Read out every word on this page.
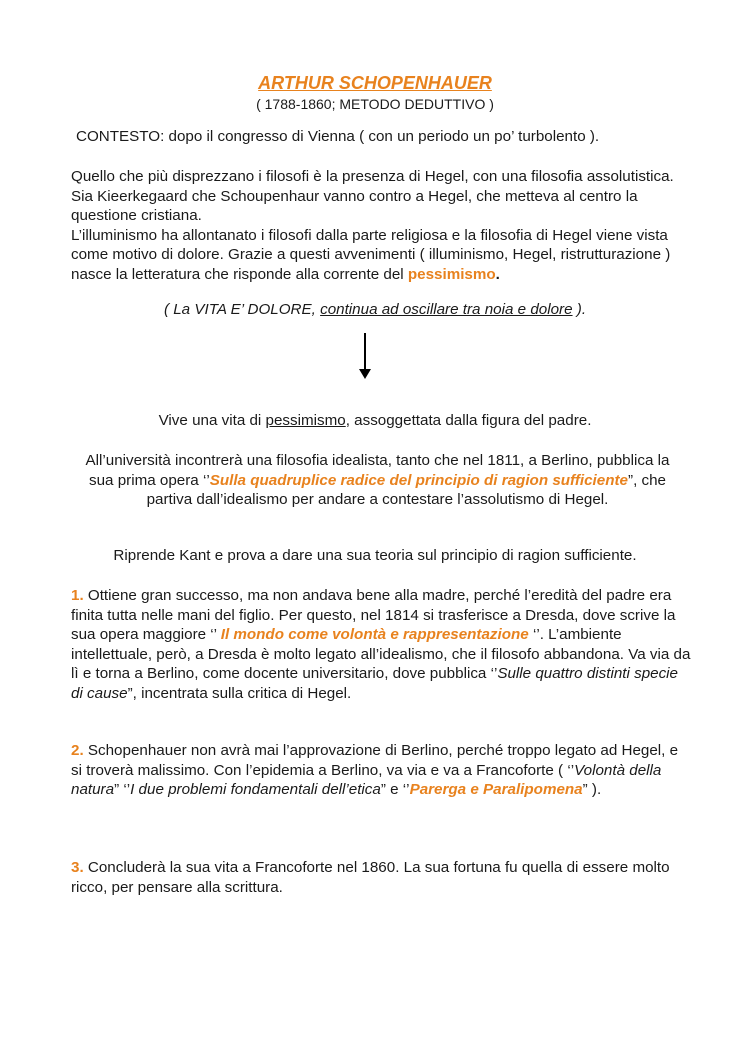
ARTHUR SCHOPENHAUER
( 1788-1860; METODO DEDUTTIVO )
CONTESTO: dopo il congresso di Vienna ( con un periodo un po’ turbolento ).
Quello che più disprezzano i filosofi è la presenza di Hegel, con una filosofia assolutistica. Sia Kieerkegaard che Schoupenhaur vanno contro a Hegel, che metteva al centro la questione cristiana.
L’illuminismo ha allontanato i filosofi dalla parte religiosa e la filosofia di Hegel viene vista come motivo di dolore. Grazie a questi avvenimenti ( illuminismo, Hegel, ristrutturazione ) nasce la letteratura che risponde alla corrente del pessimismo.
( La VITA E’ DOLORE, continua ad oscillare tra noia e dolore ).
Vive una vita di pessimismo, assoggettata dalla figura del padre.
All’università incontrerà una filosofia idealista, tanto che nel 1811, a Berlino, pubblica la sua prima opera ‘’Sulla quadruplice radice del principio di ragion sufficiente”, che partiva dall’idealismo per andare a contestare l’assolutismo di Hegel.
Riprende Kant e prova a dare una sua teoria sul principio di ragion sufficiente.
1. Ottiene gran successo, ma non andava bene alla madre, perché l’eredità del padre era finita tutta nelle mani del figlio. Per questo, nel 1814 si trasferisce a Dresda, dove scrive la sua opera maggiore ‘’ Il mondo come volontà e rappresentazione ‘’. L’ambiente intellettuale, però, a Dresda è molto legato all’idealismo, che il filosofo abbandona. Va via da lì e torna a Berlino, come docente universitario, dove pubblica ‘’Sulle quattro distinti specie di cause”, incentrata sulla critica di Hegel.
2. Schopenhauer non avrà mai l’approvazione di Berlino, perché troppo legato ad Hegel, e si troverà malissimo. Con l’epidemia a Berlino, va via e va a Francoforte ( ‘’Volontà della natura” ‘’I due problemi fondamentali dell’etica” e ‘’Parerga e Paralipomena” ).
3. Concluderà la sua vita a Francoforte nel 1860. La sua fortuna fu quella di essere molto ricco, per pensare alla scrittura.
